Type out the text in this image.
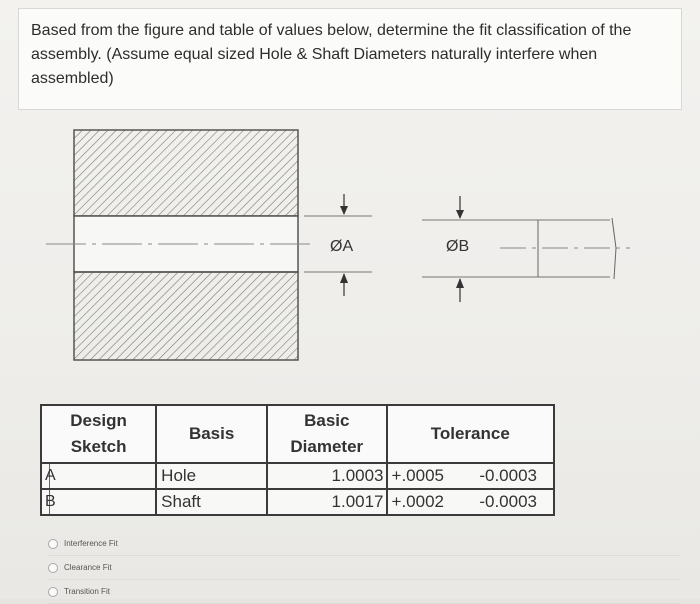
Based from the figure and table of values below, determine the fit classification of the assembly. (Assume equal sized Hole & Shaft Diameters naturally interfere when assembled)
ØA	ØB
Design Sketch		Basis	Basic Diameter	Tolerance
A		Hole	1.0003	+.0005 -0.0003

B		Shaft	1.0017	+.0002 -0.0003
Interference Fit
Clearance Fit
Transition Fit
